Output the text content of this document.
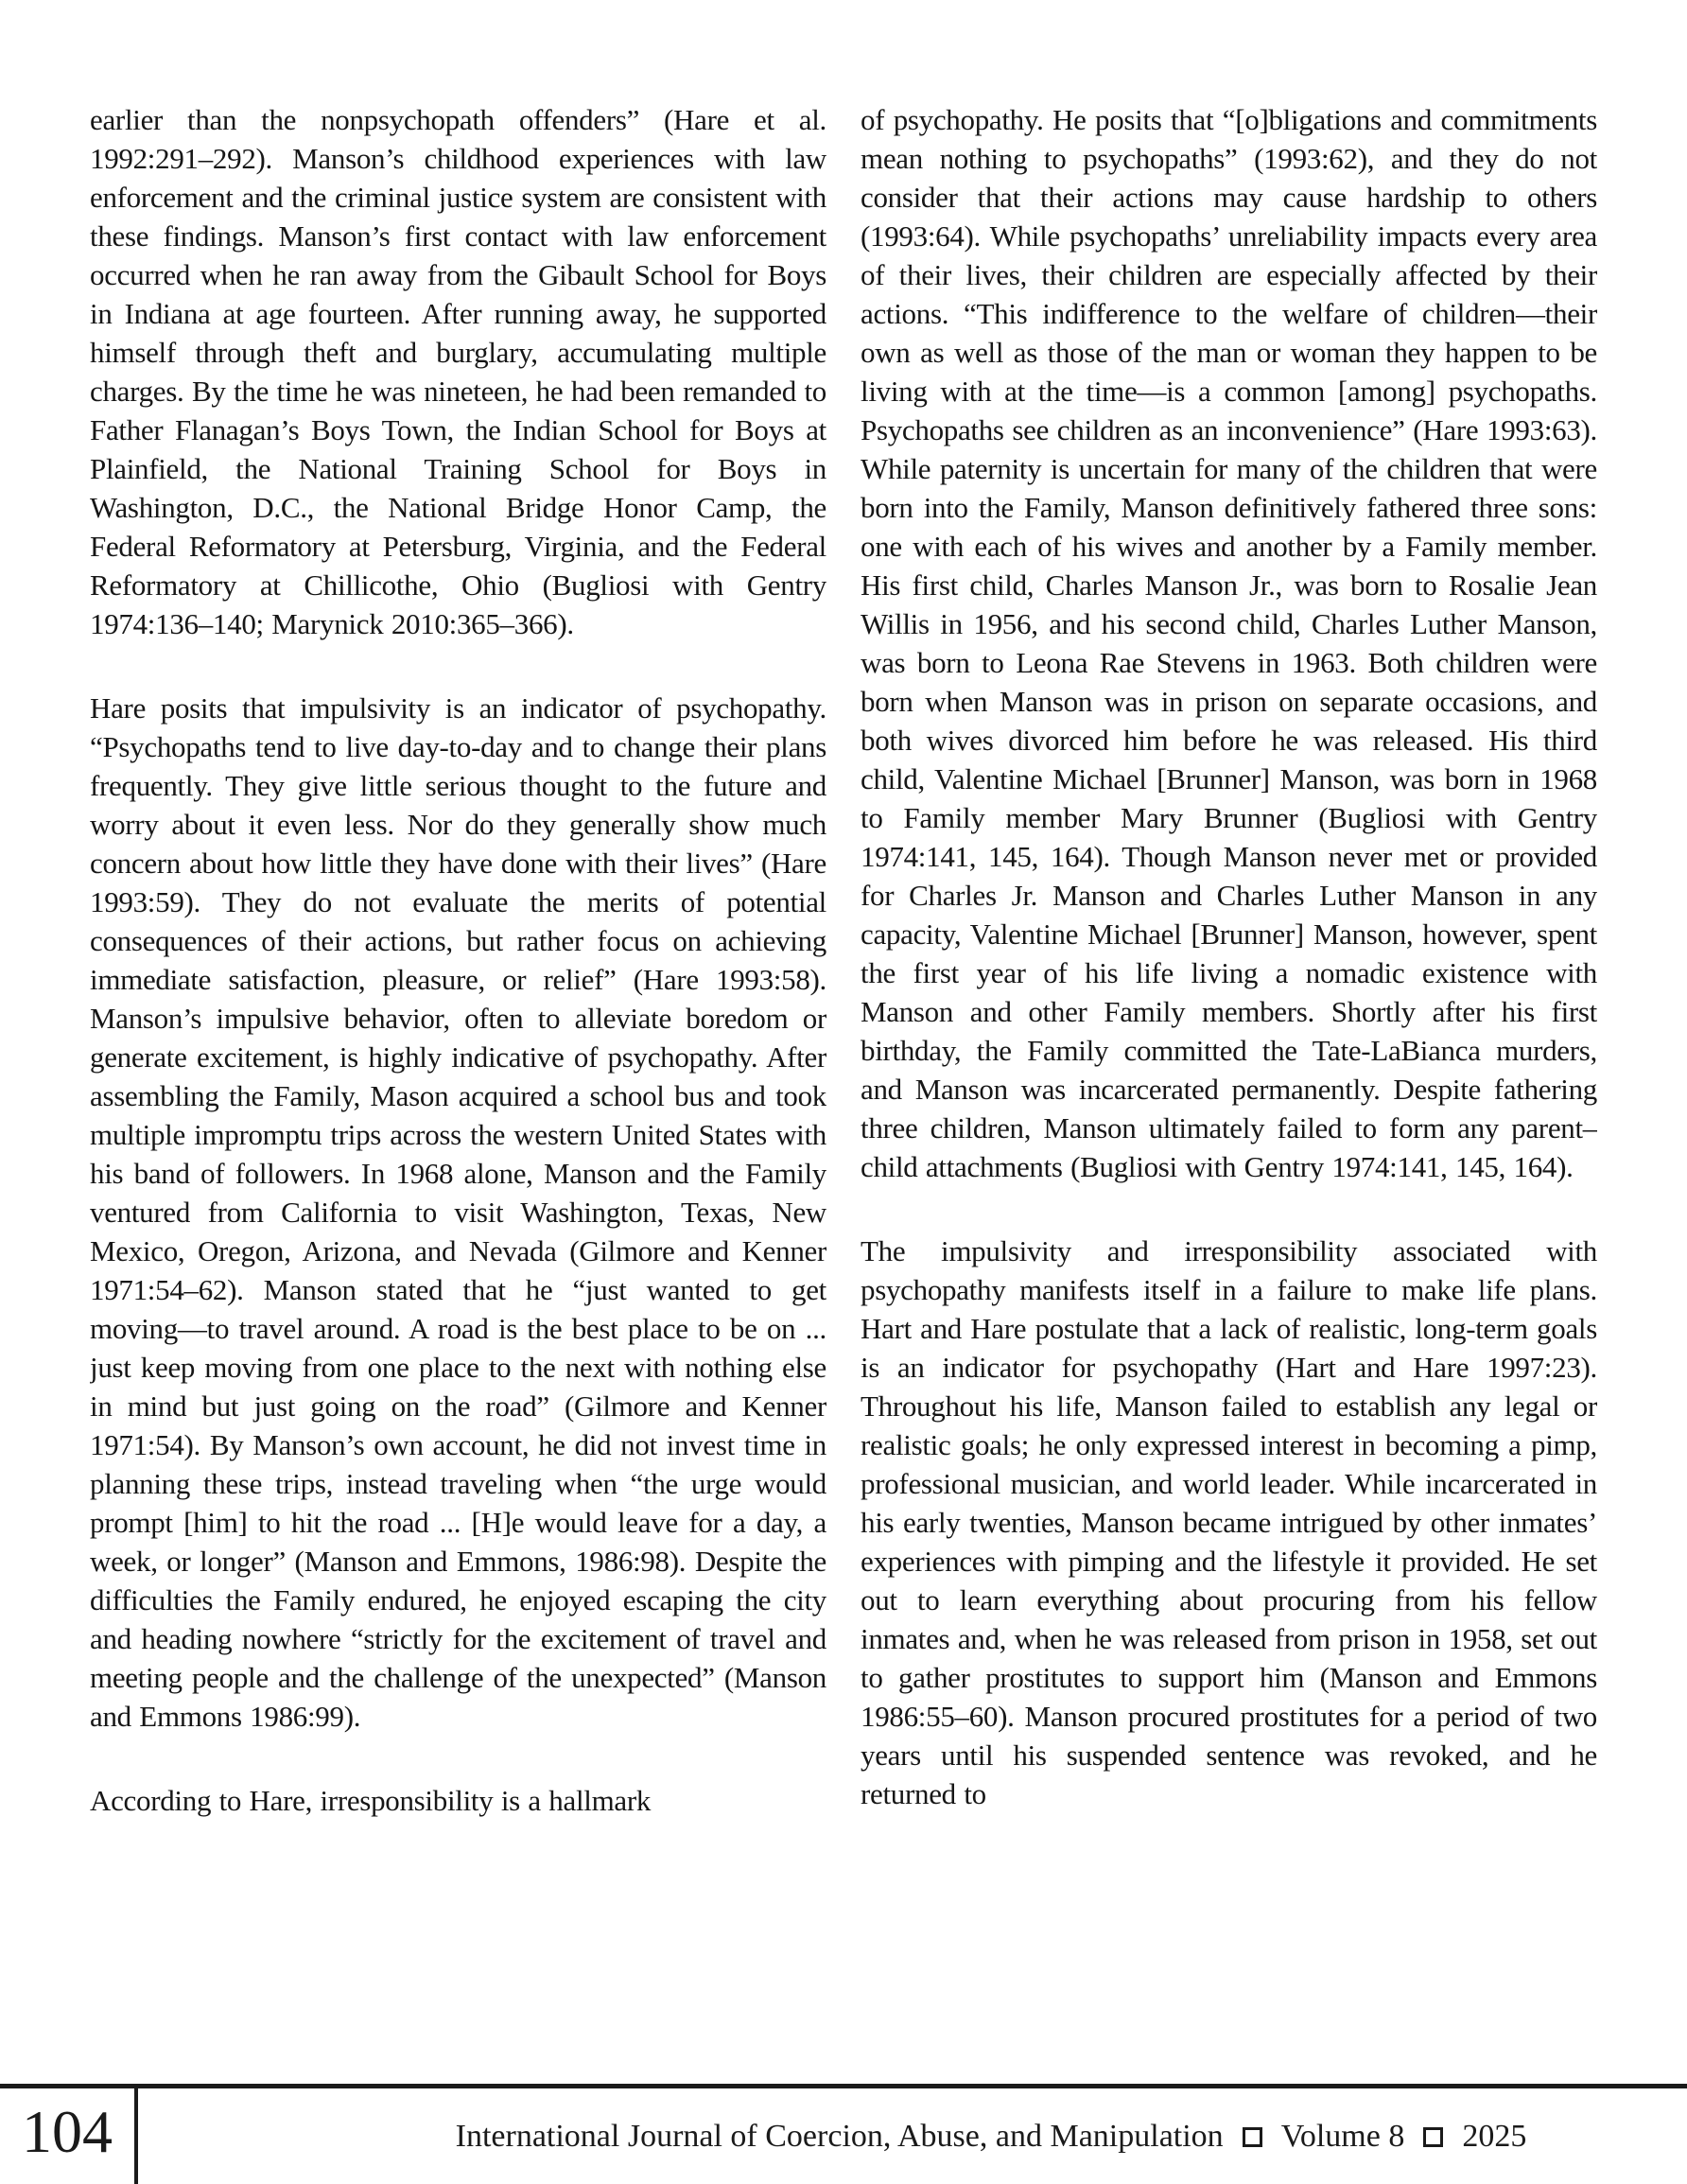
earlier than the nonpsychopath offenders” (Hare et al. 1992:291–292). Manson’s childhood experiences with law enforcement and the criminal justice system are consistent with these findings. Manson’s first contact with law enforcement occurred when he ran away from the Gibault School for Boys in Indiana at age fourteen. After running away, he supported himself through theft and burglary, accumulating multiple charges. By the time he was nineteen, he had been remanded to Father Flanagan’s Boys Town, the Indian School for Boys at Plainfield, the National Training School for Boys in Washington, D.C., the National Bridge Honor Camp, the Federal Reformatory at Petersburg, Virginia, and the Federal Reformatory at Chillicothe, Ohio (Bugliosi with Gentry 1974:136–140; Marynick 2010:365–366).

Hare posits that impulsivity is an indicator of psychopathy. “Psychopaths tend to live day-to-day and to change their plans frequently. They give little serious thought to the future and worry about it even less. Nor do they generally show much concern about how little they have done with their lives” (Hare 1993:59). They do not evaluate the merits of potential consequences of their actions, but rather focus on achieving immediate satisfaction, pleasure, or relief” (Hare 1993:58). Manson’s impulsive behavior, often to alleviate boredom or generate excitement, is highly indicative of psychopathy. After assembling the Family, Mason acquired a school bus and took multiple impromptu trips across the western United States with his band of followers. In 1968 alone, Manson and the Family ventured from California to visit Washington, Texas, New Mexico, Oregon, Arizona, and Nevada (Gilmore and Kenner 1971:54–62). Manson stated that he “just wanted to get moving—to travel around. A road is the best place to be on ... just keep moving from one place to the next with nothing else in mind but just going on the road” (Gilmore and Kenner 1971:54). By Manson’s own account, he did not invest time in planning these trips, instead traveling when “the urge would prompt [him] to hit the road ... [H]e would leave for a day, a week, or longer” (Manson and Emmons, 1986:98). Despite the difficulties the Family endured, he enjoyed escaping the city and heading nowhere “strictly for the excitement of travel and meeting people and the challenge of the unexpected” (Manson and Emmons 1986:99).

According to Hare, irresponsibility is a hallmark

of psychopathy. He posits that “[o]bligations and commitments mean nothing to psychopaths” (1993:62), and they do not consider that their actions may cause hardship to others (1993:64). While psychopaths’ unreliability impacts every area of their lives, their children are especially affected by their actions. “This indifference to the welfare of children—their own as well as those of the man or woman they happen to be living with at the time—is a common [among] psychopaths. Psychopaths see children as an inconvenience” (Hare 1993:63). While paternity is uncertain for many of the children that were born into the Family, Manson definitively fathered three sons: one with each of his wives and another by a Family member. His first child, Charles Manson Jr., was born to Rosalie Jean Willis in 1956, and his second child, Charles Luther Manson, was born to Leona Rae Stevens in 1963. Both children were born when Manson was in prison on separate occasions, and both wives divorced him before he was released. His third child, Valentine Michael [Brunner] Manson, was born in 1968 to Family member Mary Brunner (Bugliosi with Gentry 1974:141, 145, 164). Though Manson never met or provided for Charles Jr. Manson and Charles Luther Manson in any capacity, Valentine Michael [Brunner] Manson, however, spent the first year of his life living a nomadic existence with Manson and other Family members. Shortly after his first birthday, the Family committed the Tate-LaBianca murders, and Manson was incarcerated permanently. Despite fathering three children, Manson ultimately failed to form any parent–child attachments (Bugliosi with Gentry 1974:141, 145, 164).

The impulsivity and irresponsibility associated with psychopathy manifests itself in a failure to make life plans. Hart and Hare postulate that a lack of realistic, long-term goals is an indicator for psychopathy (Hart and Hare 1997:23). Throughout his life, Manson failed to establish any legal or realistic goals; he only expressed interest in becoming a pimp, professional musician, and world leader. While incarcerated in his early twenties, Manson became intrigued by other inmates’ experiences with pimping and the lifestyle it provided. He set out to learn everything about procuring from his fellow inmates and, when he was released from prison in 1958, set out to gather prostitutes to support him (Manson and Emmons 1986:55–60). Manson procured prostitutes for a period of two years until his suspended sentence was revoked, and he returned to

104	International Journal of Coercion, Abuse, and Manipulation Volume 8 2025
